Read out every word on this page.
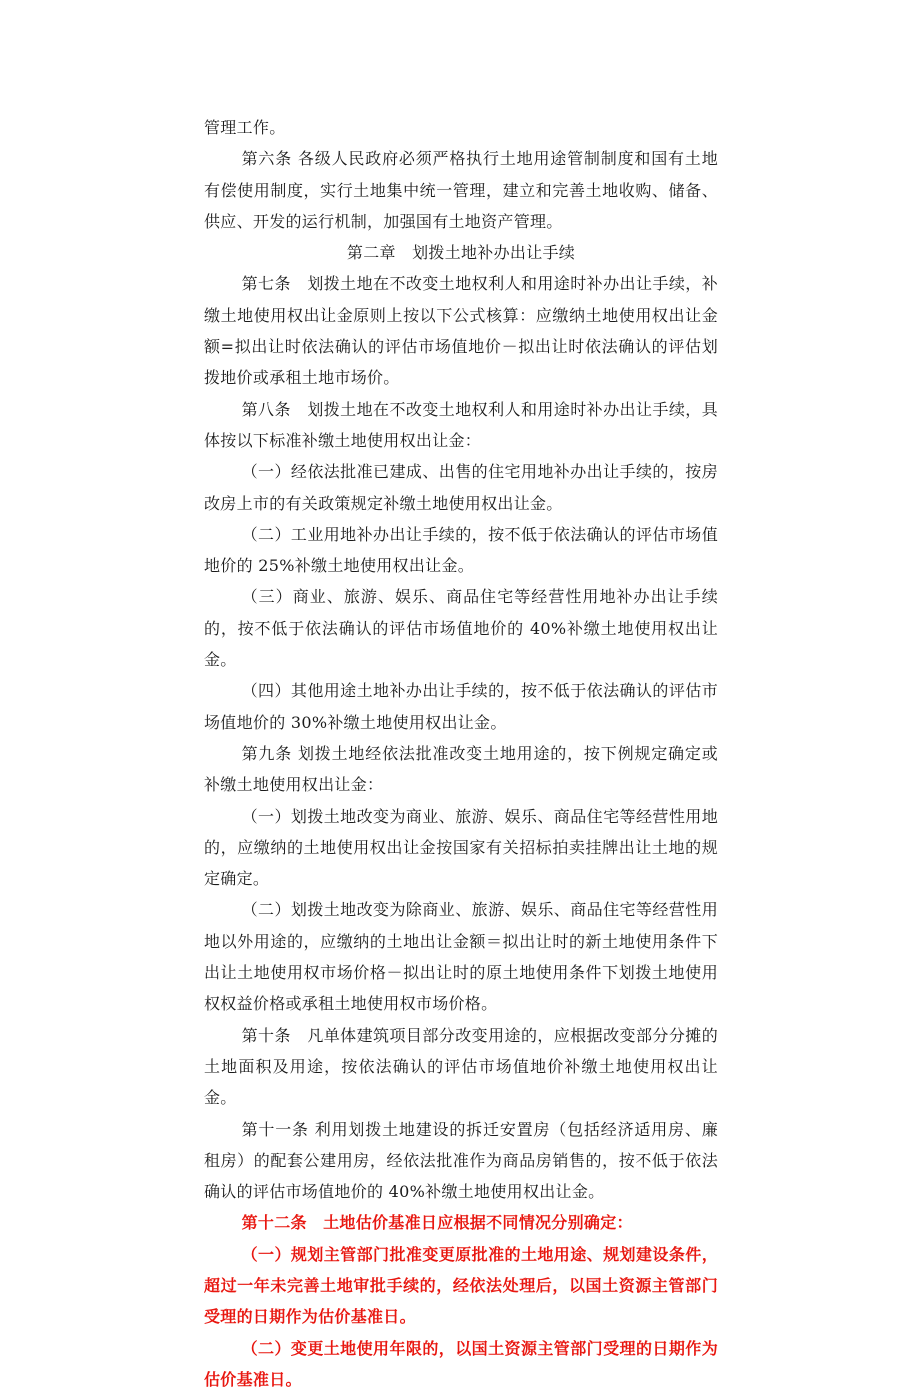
管理工作。

第六条 各级人民政府必须严格执行土地用途管制制度和国有土地有偿使用制度，实行土地集中统一管理，建立和完善土地收购、储备、供应、开发的运行机制，加强国有土地资产管理。

第二章　划拨土地补办出让手续

第七条　划拨土地在不改变土地权利人和用途时补办出让手续，补缴土地使用权出让金原则上按以下公式核算：应缴纳土地使用权出让金额=拟出让时依法确认的评估市场值地价－拟出让时依法确认的评估划拨地价或承租土地市场价。

第八条　划拨土地在不改变土地权利人和用途时补办出让手续，具体按以下标准补缴土地使用权出让金：

（一）经依法批准已建成、出售的住宅用地补办出让手续的，按房改房上市的有关政策规定补缴土地使用权出让金。

（二）工业用地补办出让手续的，按不低于依法确认的评估市场值地价的 25%补缴土地使用权出让金。

（三）商业、旅游、娱乐、商品住宅等经营性用地补办出让手续的，按不低于依法确认的评估市场值地价的 40%补缴土地使用权出让金。

（四）其他用途土地补办出让手续的，按不低于依法确认的评估市场值地价的 30%补缴土地使用权出让金。

第九条 划拨土地经依法批准改变土地用途的，按下例规定确定或补缴土地使用权出让金：

（一）划拨土地改变为商业、旅游、娱乐、商品住宅等经营性用地的，应缴纳的土地使用权出让金按国家有关招标拍卖挂牌出让土地的规定确定。

（二）划拨土地改变为除商业、旅游、娱乐、商品住宅等经营性用地以外用途的，应缴纳的土地出让金额＝拟出让时的新土地使用条件下出让土地使用权市场价格－拟出让时的原土地使用条件下划拨土地使用权权益价格或承租土地使用权市场价格。

第十条　凡单体建筑项目部分改变用途的，应根据改变部分分摊的土地面积及用途，按依法确认的评估市场值地价补缴土地使用权出让金。

第十一条 利用划拨土地建设的拆迁安置房（包括经济适用房、廉租房）的配套公建用房，经依法批准作为商品房销售的，按不低于依法确认的评估市场值地价的 40%补缴土地使用权出让金。

第十二条　土地估价基准日应根据不同情况分别确定：

（一）规划主管部门批准变更原批准的土地用途、规划建设条件，超过一年未完善土地审批手续的，经依法处理后，以国土资源主管部门受理的日期作为估价基准日。

（二）变更土地使用年限的，以国土资源主管部门受理的日期作为估价基准日。
